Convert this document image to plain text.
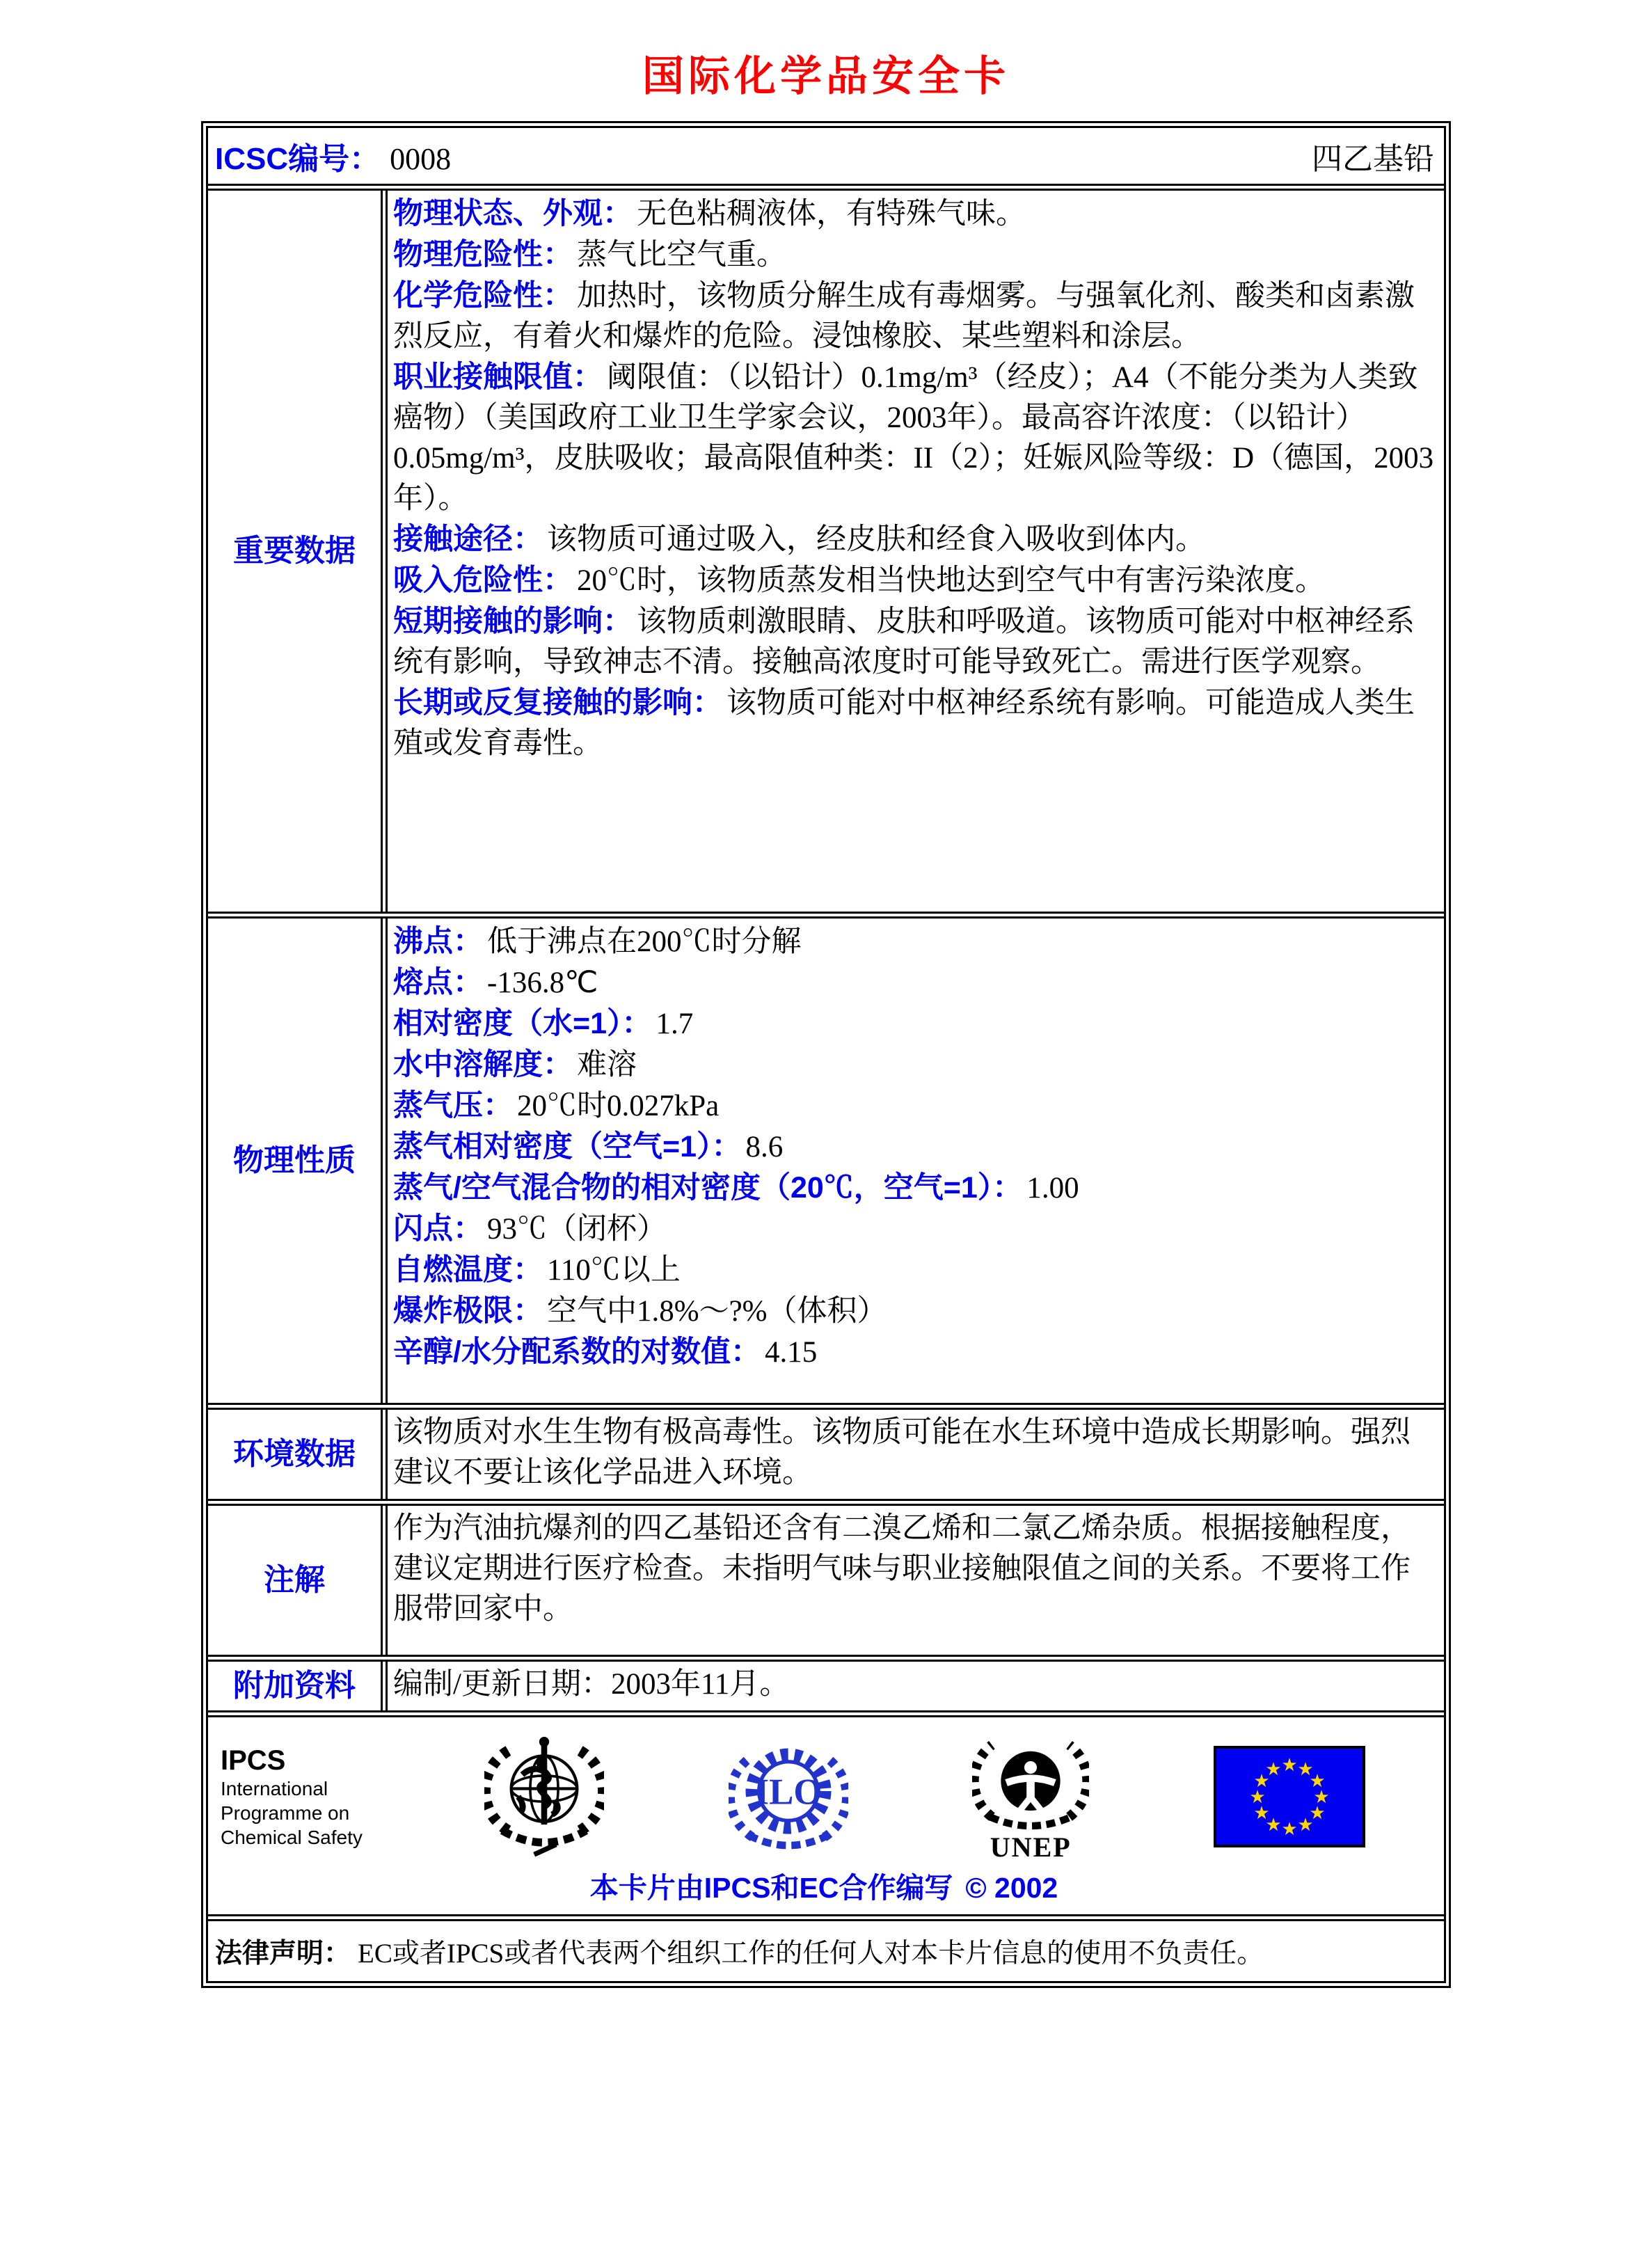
国际化学品安全卡
ICSC编号： 0008	四乙基铅
重要数据

物理状态、外观： 无色粘稠液体，有特殊气味。

物理危险性： 蒸气比空气重。

化学危险性： 加热时，该物质分解生成有毒烟雾。与强氧化剂、酸类和卤素激烈反应，有着火和爆炸的危险。浸蚀橡胶、某些塑料和涂层。

职业接触限值： 阈限值：（以铅计）0.1mg/m³（经皮）；A4（不能分类为人类致癌物）（美国政府工业卫生学家会议，2003年）。最高容许浓度：（以铅计）0.05mg/m³，皮肤吸收；最高限值种类：II（2）；妊娠风险等级：D（德国，2003年）。

接触途径： 该物质可通过吸入，经皮肤和经食入吸收到体内。

吸入危险性： 20℃时，该物质蒸发相当快地达到空气中有害污染浓度。

短期接触的影响： 该物质刺激眼睛、皮肤和呼吸道。该物质可能对中枢神经系统有影响，导致神志不清。接触高浓度时可能导致死亡。需进行医学观察。

长期或反复接触的影响： 该物质可能对中枢神经系统有影响。可能造成人类生殖或发育毒性。

物理性质

沸点： 低于沸点在200℃时分解

熔点： -136.8℃

相对密度（水=1）： 1.7

水中溶解度： 难溶

蒸气压： 20℃时0.027kPa

蒸气相对密度（空气=1）： 8.6

蒸气/空气混合物的相对密度（20℃，空气=1）： 1.00

闪点： 93℃（闭杯）

自燃温度： 110℃以上

爆炸极限： 空气中1.8%～?%（体积）

辛醇/水分配系数的对数值： 4.15

环境数据

该物质对水生生物有极高毒性。该物质可能在水生环境中造成长期影响。强烈建议不要让该化学品进入环境。

注解

作为汽油抗爆剂的四乙基铅还含有二溴乙烯和二氯乙烯杂质。根据接触程度，建议定期进行医疗检查。未指明气味与职业接触限值之间的关系。不要将工作服带回家中。

附加资料 编制/更新日期：2003年11月。

IPCS
International
Programme on
Chemical Safety
ILO
UNEP
★ ★
★
★
★
★
★
★
★
★
★
★
本卡片由IPCS和EC合作编写 © 2002
法律声明： EC或者IPCS或者代表两个组织工作的任何人对本卡片信息的使用不负责任。
